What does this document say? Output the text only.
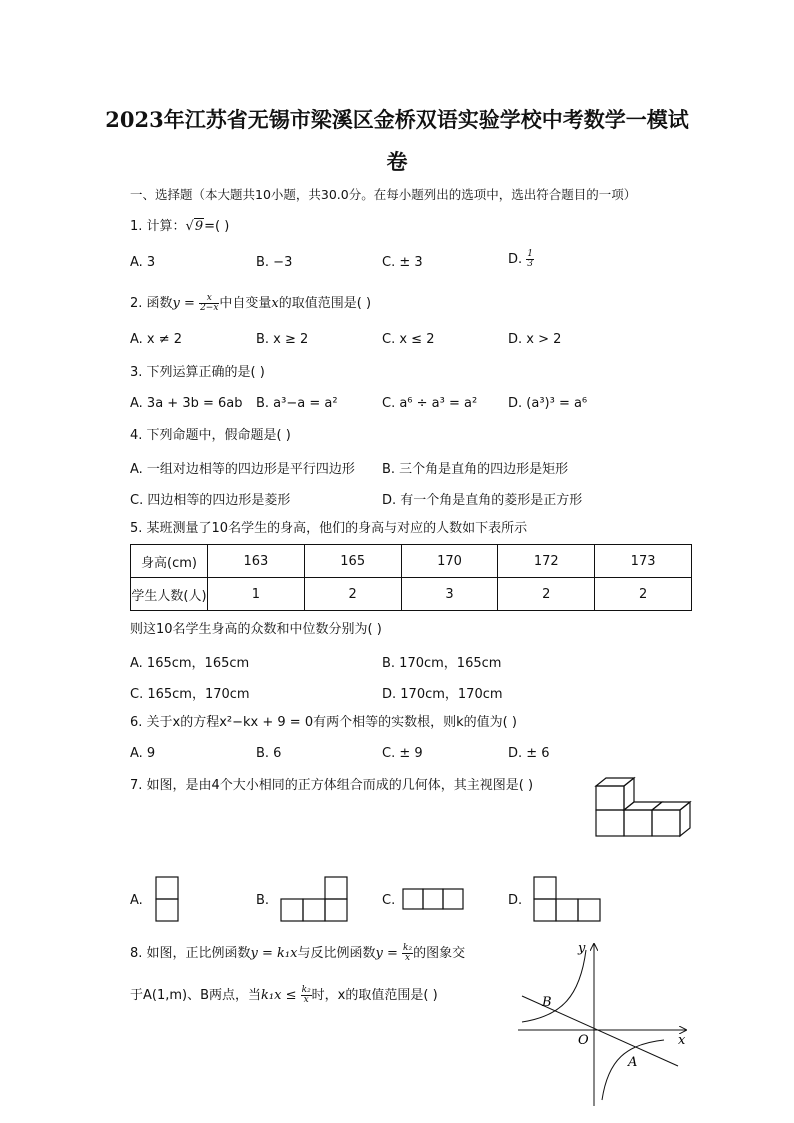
2023年江苏省无锡市梁溪区金桥双语实验学校中考数学一模试
卷
一、选择题（本大题共10小题，共30.0分。在每小题列出的选项中，选出符合题目的一项）
1. 计算：√9=( )
A. 3	B. −3	C. ± 3	D. $\frac{1}{3}$
2. 函数$y = \frac{x}{2-x}$ 中自变量x的取值范围是( )
A. x ≠ 2	B. x ≥ 2	C. x ≤ 2	D. x > 2
3. 下列运算正确的是( )
A. 3a + 3b = 6ab B. a³−a = a²	C. a⁶ ÷ a³ = a² D. (a³)³ = a⁶
4. 下列命题中，假命题是( )
A. 一组对边相等的四边形是平行四边形 B. 三个角是直角的四边形是矩形
C. 四边相等的四边形是菱形	D. 有一个角是直角的菱形是正方形
5. 某班测量了10名学生的身高，他们的身高与对应的人数如下表所示
身高(cm)	163	165	170	172	173
学生人数(人)	1	2	3	2	2
则这10名学生身高的众数和中位数分别为( )
A. 165cm，165cm	B. 170cm，165cm
C. 165cm，170cm	D. 170cm，170cm
6. 关于x的方程x²−kx + 9 = 0有两个相等的实数根，则k的值为( )
A. 9	B. 6	C. ± 9	D. ± 6
7. 如图，是由4个大小相同的正方体组合而成的几何体，其主视图是( )
A.	B.	C.	D.
8. 如图，正比例函数y = k₁x与反比例函数$y = \frac{\text{k₂}}{x}$ 的图象交
于A(1,m)、B两点，当$k_1x \le \frac{\text{k₂}}{x}$ 时，x的取值范围是( )
x
y
O
A
B
